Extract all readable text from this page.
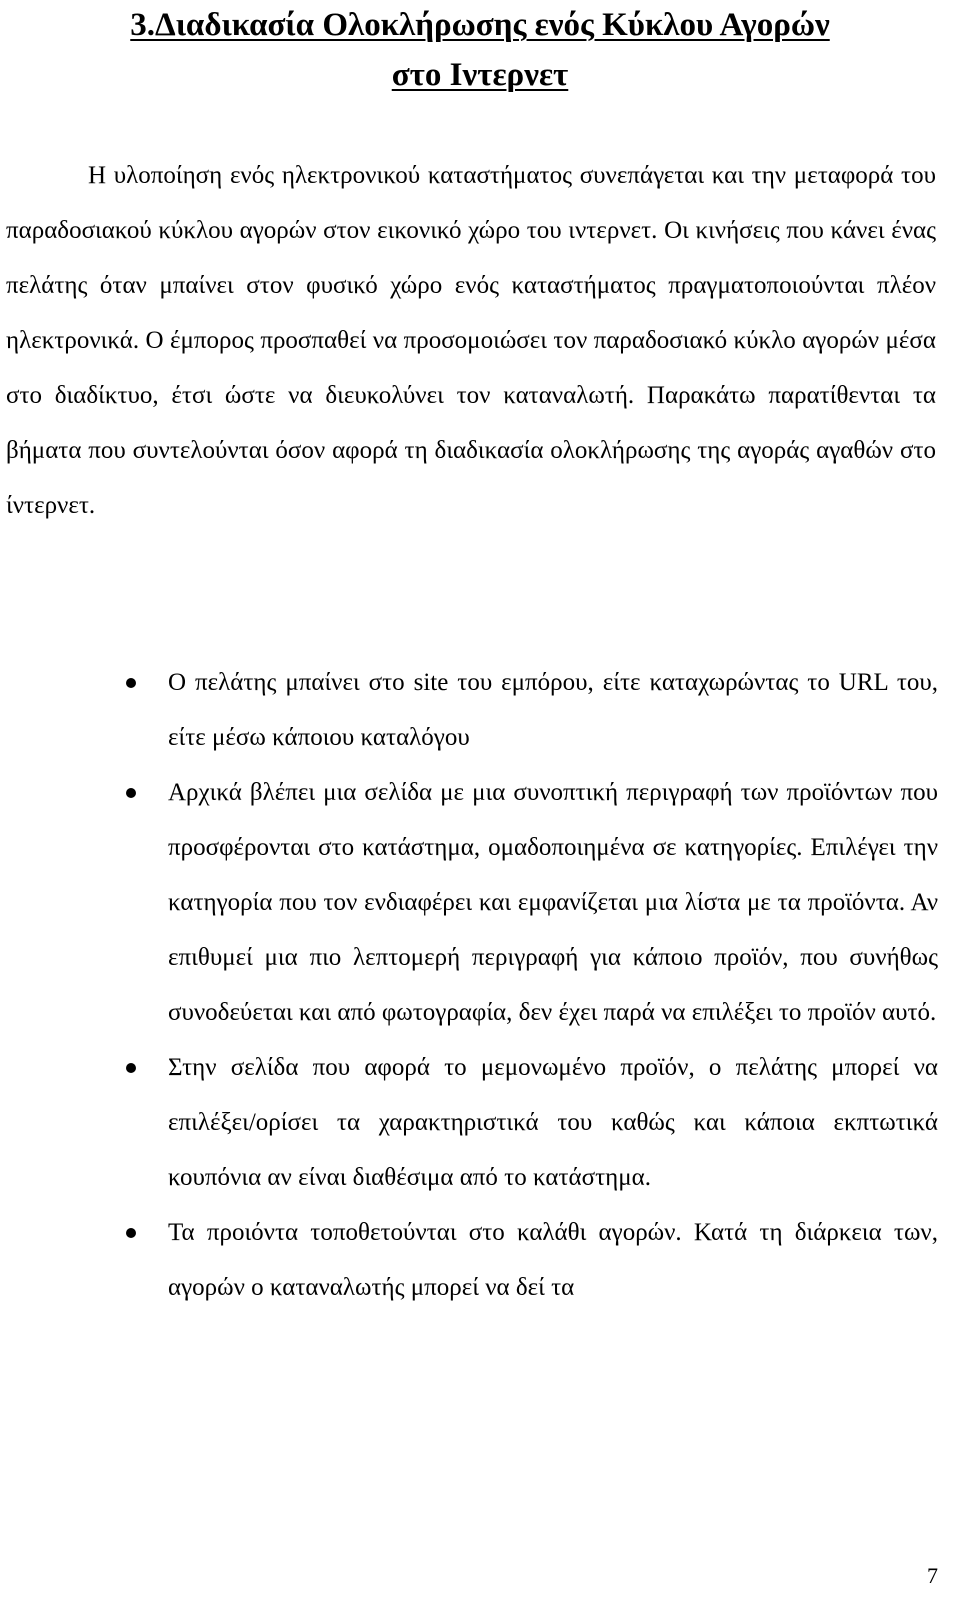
3.Διαδικασία Ολοκλήρωσης ενός Κύκλου Αγορών
στο Ιντερνετ

Η υλοποίηση ενός ηλεκτρονικού καταστήματος συνεπάγεται και την μεταφορά του παραδοσιακού κύκλου αγορών στον εικονικό χώρο του ιντερνετ. Οι κινήσεις που κάνει ένας πελάτης όταν μπαίνει στον φυσικό χώρο ενός καταστήματος πραγματοποιούνται πλέον ηλεκτρονικά. Ο έμπορος προσπαθεί να προσομοιώσει τον παραδοσιακό κύκλο αγορών μέσα στο διαδίκτυο, έτσι ώστε να διευκολύνει τον καταναλωτή. Παρακάτω παρατίθενται τα βήματα που συντελούνται όσον αφορά τη διαδικασία ολοκλήρωσης της αγοράς αγαθών στο ίντερνετ.

Ο πελάτης μπαίνει στο site του εμπόρου, είτε καταχωρώντας το URL του, είτε μέσω κάποιου καταλόγου
Αρχικά βλέπει μια σελίδα με μια συνοπτική περιγραφή των προϊόντων που προσφέρονται στο κατάστημα, ομαδοποιημένα σε κατηγορίες. Επιλέγει την κατηγορία που τον ενδιαφέρει και εμφανίζεται μια λίστα με τα προϊόντα. Αν επιθυμεί μια πιο λεπτομερή περιγραφή για κάποιο προϊόν, που συνήθως συνοδεύεται και από φωτογραφία, δεν έχει παρά να επιλέξει το προϊόν αυτό.
Στην σελίδα που αφορά το μεμονωμένο προϊόν, ο πελάτης μπορεί να επιλέξει/ορίσει τα χαρακτηριστικά του καθώς και κάποια εκπτωτικά κουπόνια αν είναι διαθέσιμα από το κατάστημα.
Τα προιόντα τοποθετούνται στο καλάθι αγορών. Κατά τη διάρκεια των, αγορών ο καταναλωτής μπορεί να δεί τα
7
